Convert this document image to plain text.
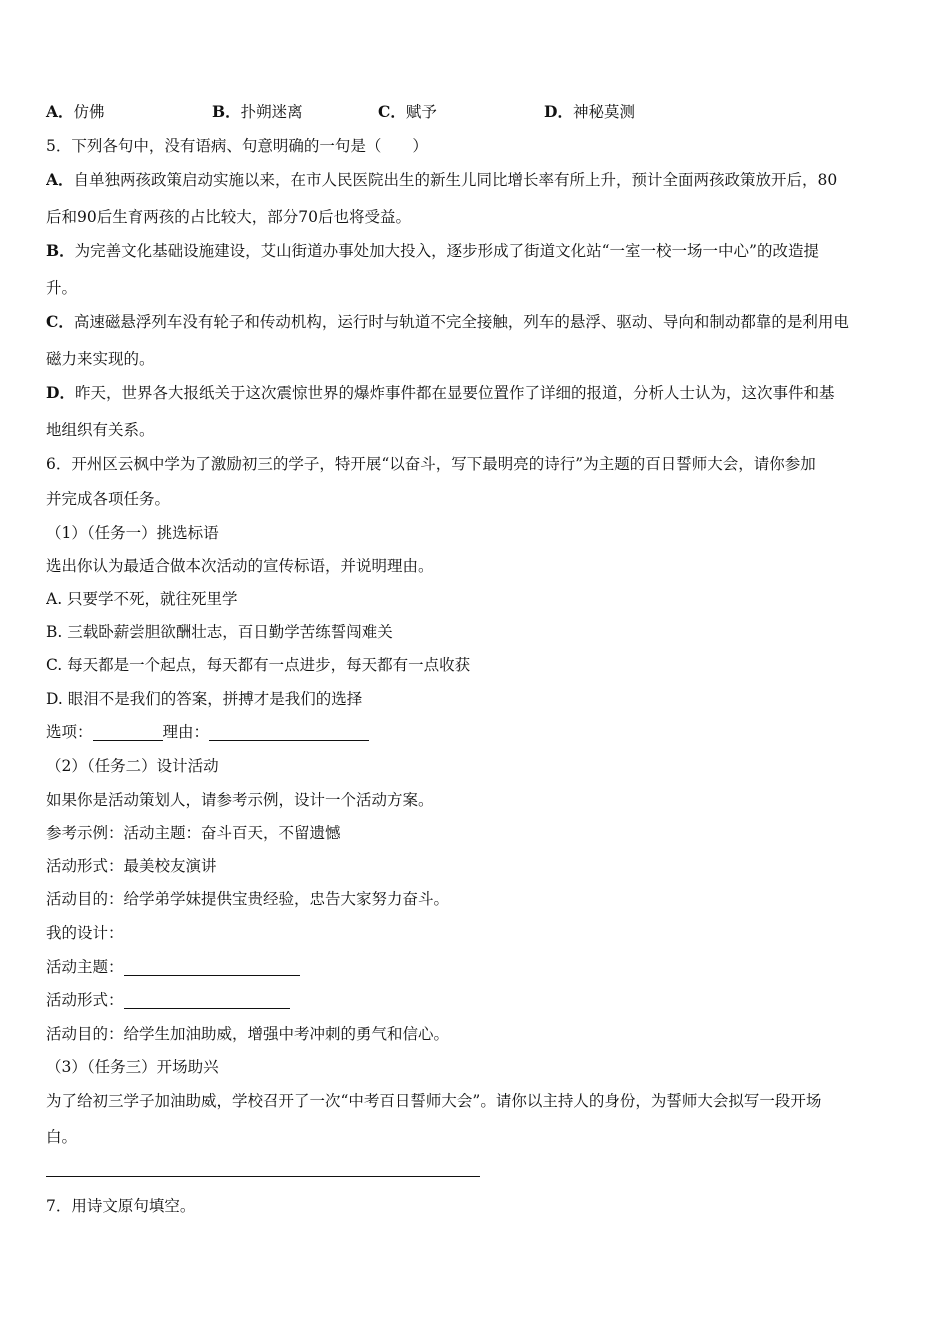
A．仿佛	B．扑朔迷离	C．赋予	D．神秘莫测
5．下列各句中，没有语病、句意明确的一句是（　　）
A．自单独两孩政策启动实施以来，在市人民医院出生的新生儿同比增长率有所上升，预计全面两孩政策放开后，80
后和90后生育两孩的占比较大，部分70后也将受益。
B．为完善文化基础设施建设，艾山街道办事处加大投入，逐步形成了街道文化站“一室一校一场一中心”的改造提
升。
C．高速磁悬浮列车没有轮子和传动机构，运行时与轨道不完全接触，列车的悬浮、驱动、导向和制动都靠的是利用电
磁力来实现的。
D．昨天，世界各大报纸关于这次震惊世界的爆炸事件都在显要位置作了详细的报道，分析人士认为，这次事件和基
地组织有关系。
6．开州区云枫中学为了激励初三的学子，特开展“以奋斗，写下最明亮的诗行”为主题的百日誓师大会，请你参加
并完成各项任务。
（1）（任务一）挑选标语
选出你认为最适合做本次活动的宣传标语，并说明理由。
A. 只要学不死，就往死里学
B. 三载卧薪尝胆欲酬壮志，百日勤学苦练誓闯难关
C. 每天都是一个起点，每天都有一点进步，每天都有一点收获
D. 眼泪不是我们的答案，拼搏才是我们的选择
选项：	理由：
（2）（任务二）设计活动
如果你是活动策划人，请参考示例，设计一个活动方案。
参考示例：活动主题：奋斗百天，不留遗憾
活动形式：最美校友演讲
活动目的：给学弟学妹提供宝贵经验，忠告大家努力奋斗。
我的设计：
活动主题：
活动形式：
活动目的：给学生加油助威，增强中考冲刺的勇气和信心。
（3）（任务三）开场助兴
为了给初三学子加油助威，学校召开了一次“中考百日誓师大会”。请你以主持人的身份，为誓师大会拟写一段开场
白。
7．用诗文原句填空。
